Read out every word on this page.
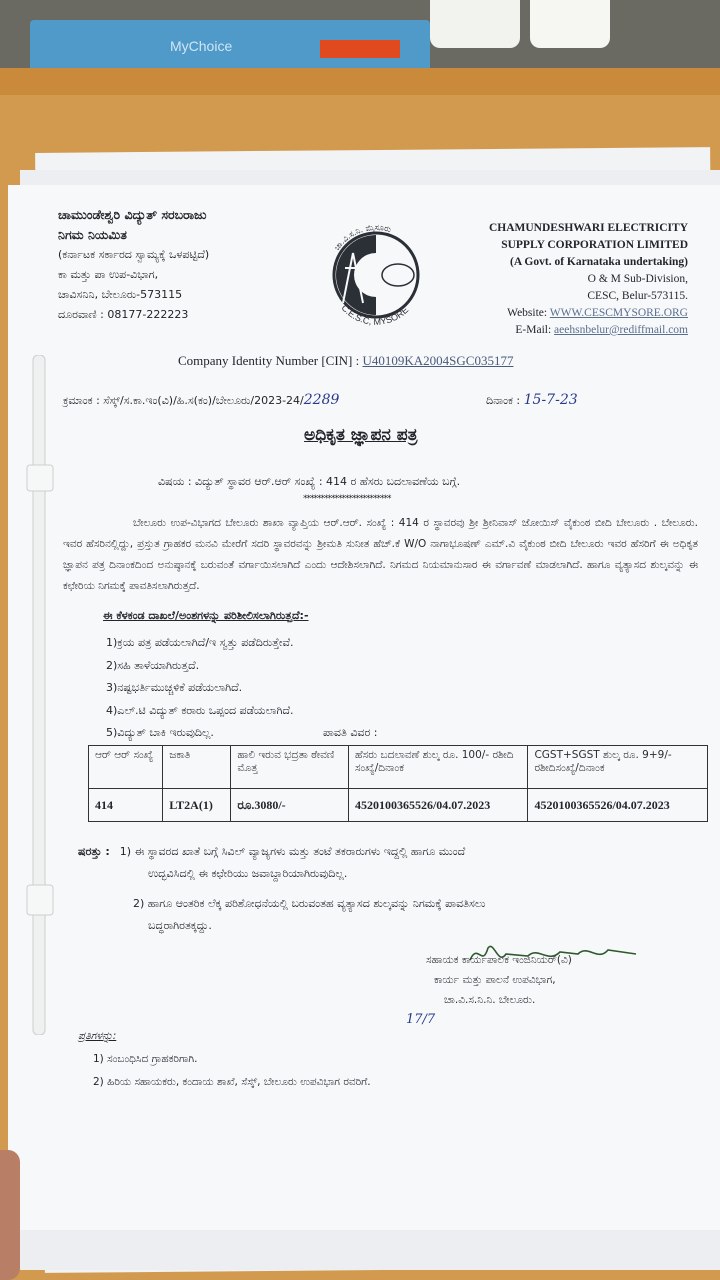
MyChoice
ಚಾಮುಂಡೇಶ್ವರಿ ವಿದ್ಯುತ್ ಸರಬರಾಜು
ನಿಗಮ ನಿಯಮಿತ
(ಕರ್ನಾಟಕ ಸರ್ಕಾರದ ಸ್ವಾಮ್ಯಕ್ಕೆ ಒಳಪಟ್ಟಿದೆ)
ಕಾ ಮತ್ತು ಪಾ ಉಪ-ವಿಭಾಗ,
ಚಾವಿಸನಿನಿ, ಬೇಲೂರು-573115
ದೂರವಾಣಿ : 08177-222223
ಚಾ.ವಿ.ಸ.ನಿ. ಮೈಸೂರು
C.E.S.C, MYSORE
CHAMUNDESHWARI ELECTRICITY
SUPPLY CORPORATION LIMITED
(A Govt. of Karnataka undertaking)
O & M Sub-Division,
CESC, Belur-573115.
Website: WWW.CESCMYSORE.ORG
E-Mail: aeehsnbelur@rediffmail.com
Company Identity Number [CIN] : U40109KA2004SGC035177
ಕ್ರಮಾಂಕ : ಸೆಸ್ಕ್/ಸ.ಕಾ.ಇಂ(ವಿ)/ಹಿ.ಸ(ಕಂ)/ಬೇಲೂರು/2023-24/2289	ದಿನಾಂಕ : 15-7-23
ಅಧಿಕೃತ ಜ್ಞಾಪನ ಪತ್ರ
ವಿಷಯ : ವಿದ್ಯುತ್ ಸ್ಥಾವರ ಆರ್.ಆರ್ ಸಂಖ್ಯೆ : 414 ರ ಹೆಸರು ಬದಲಾವಣೆಯ ಬಗ್ಗೆ.
*************************
ಬೇಲೂರು ಉಪ-ವಿಭಾಗದ ಬೇಲೂರು ಶಾಖಾ ವ್ಯಾಪ್ತಿಯ ಆರ್.ಆರ್. ಸಂಖ್ಯೆ : 414 ರ ಸ್ಥಾವರವು ಶ್ರೀ ಶ್ರೀನಿವಾಸ್ ಜೋಯಿಸ್ ವೈಕುಂಠ ಬೀದಿ ಬೇಲೂರು . ಬೇಲೂರು. ಇವರ ಹೆಸರಿನಲ್ಲಿದ್ದು, ಪ್ರಸ್ತುತ ಗ್ರಾಹಕರ ಮನವಿ ಮೇರೆಗೆ ಸದರಿ ಸ್ಥಾವರವನ್ನು ಶ್ರೀಮತಿ ಸುನೀತ ಹೆಚ್.ಕೆ W/O ನಾಗಾಭೂಷಣ್ ಎಮ್.ವಿ ವೈಕುಂಠ ಬೀದಿ ಬೇಲೂರು ಇವರ ಹೆಸರಿಗೆ ಈ ಅಧಿಕೃತ ಜ್ಞಾಪನ ಪತ್ರ ದಿನಾಂಕದಿಂದ ಅನುಷ್ಠಾನಕ್ಕೆ ಬರುವಂತೆ ವರ್ಗಾಯಿಸಲಾಗಿದೆ ಎಂದು ಆದೇಶಿಸಲಾಗಿದೆ. ನಿಗಮದ ನಿಯಮಾನುಸಾರ ಈ ವರ್ಗಾವಣೆ ಮಾಡಲಾಗಿದೆ. ಹಾಗೂ ವ್ಯತ್ಯಾಸದ ಶುಲ್ಕವನ್ನು ಈ ಕಛೇರಿಯ ನಿಗಮಕ್ಕೆ ಪಾವತಿಸಲಾಗಿರುತ್ತದೆ.
ಈ ಕೆಳಕಂಡ ದಾಖಲೆ/ಅಂಶಗಳನ್ನು ಪರಿಶೀಲಿಸಲಾಗಿರುತ್ತದೆ:-
1)ಕ್ರಯ ಪತ್ರ ಪಡೆಯಲಾಗಿದೆ/ಇ ಸ್ವತ್ತು ಪಡೆದಿರುತ್ತೇವೆ.
2)ಸಹಿ ತಾಳೆಯಾಗಿರುತ್ತದೆ.
3)ನಷ್ಟಭರ್ತಿಮುಚ್ಚಳಿಕೆ ಪಡೆಯಲಾಗಿದೆ.
4)ಎಲ್.ಟಿ ವಿದ್ಯುತ್ ಕರಾರು ಒಪ್ಪಂದ ಪಡೆಯಲಾಗಿದೆ.
5)ವಿದ್ಯುತ್ ಬಾಕಿ ಇರುವುದಿಲ್ಲ.	ಪಾವತಿ ವಿವರ :
ಆರ್ ಆರ್ ಸಂಖ್ಯೆ	ಜಕಾತಿ	ಹಾಲಿ ಇರುವ ಭದ್ರತಾ ಠೇವಣಿ ಮೊತ್ತ	ಹೆಸರು ಬದಲಾವಣೆ ಶುಲ್ಕ ರೂ. 100/- ರಶೀದಿ ಸಂಖ್ಯೆ/ದಿನಾಂಕ	CGST+SGST ಶುಲ್ಕ ರೂ. 9+9/- ರಶೀದಿಸಂಖ್ಯೆ/ದಿನಾಂಕ
414	LT2A(1)	ರೂ.3080/-	4520100365526/04.07.2023	4520100365526/04.07.2023
ಷರತ್ತು : 1) ಈ ಸ್ಥಾವರದ ಖಾತೆ ಬಗ್ಗೆ ಸಿವಿಲ್ ವ್ಯಾಜ್ಯಗಳು ಮತ್ತು ತಂಟೆ ತಕರಾರುಗಳು ಇದ್ದಲ್ಲಿ ಹಾಗೂ ಮುಂದೆ
ಉದ್ಭವಿಸಿದಲ್ಲಿ ಈ ಕಛೇರಿಯು ಜವಾಬ್ದಾರಿಯಾಗಿರುವುದಿಲ್ಲ.
2) ಹಾಗೂ ಆಂತರಿಕ ಲೆಕ್ಕ ಪರಿಶೋಧನೆಯಲ್ಲಿ ಬರುವಂತಹ ವ್ಯತ್ಯಾಸದ ಶುಲ್ಕವನ್ನು ನಿಗಮಕ್ಕೆ ಪಾವತಿಸಲು
ಬದ್ಧರಾಗಿರತಕ್ಕದ್ದು.
ಸಹಾಯಕ ಕಾರ್ಯಪಾಲಕ ಇಂಜಿನಿಯರ್(ವಿ)
ಕಾರ್ಯ ಮತ್ತು ಪಾಲನೆ ಉಪವಿಭಾಗ,
ಚಾ.ವಿ.ಸ.ನಿ.ನಿ. ಬೇಲೂರು.
17/7
ಪ್ರತಿಗಳನ್ನು:
1) ಸಂಬಂಧಿಸಿದ ಗ್ರಾಹಕರಿಗಾಗಿ.
2) ಹಿರಿಯ ಸಹಾಯಕರು, ಕಂದಾಯ ಶಾಖೆ, ಸೆಸ್ಕ್, ಬೇಲೂರು ಉಪವಿಭಾಗ ರವರಿಗೆ.
